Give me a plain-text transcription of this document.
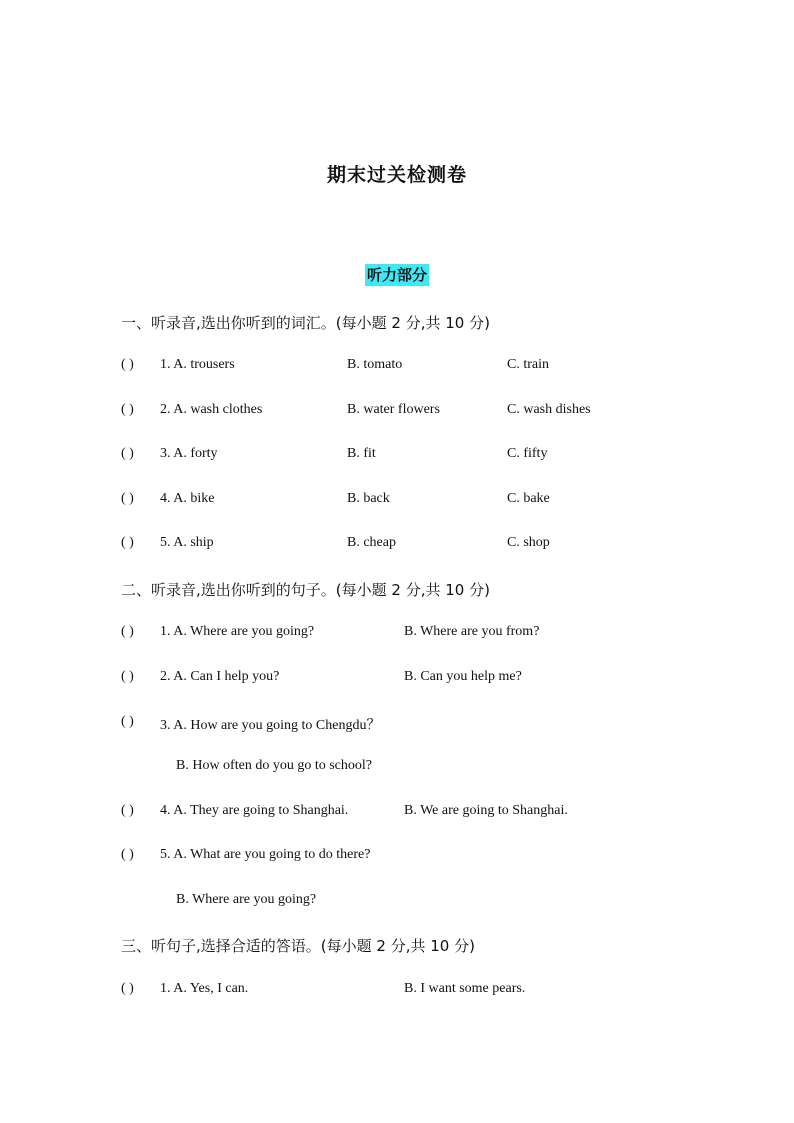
期末过关检测卷
听力部分
一、听录音,选出你听到的词汇。(每小题 2 分,共 10 分)
( ) 1. A. trousers	B. tomato	C. train
( ) 2. A. wash clothes	B. water flowers	C. wash dishes
( ) 3. A. forty	B. fit	C. fifty
( ) 4. A. bike	B. back	C. bake
( ) 5. A. ship	B. cheap	C. shop
二、听录音,选出你听到的句子。(每小题 2 分,共 10 分)
( ) 1. A. Where are you going?	B. Where are you from?
( ) 2. A. Can I help you?	B. Can you help me?
( ) 3. A. How are you going to Chengdu？
B. How often do you go to school?
( ) 4. A. They are going to Shanghai.	B. We are going to Shanghai.
( ) 5. A. What are you going to do there?
B. Where are you going?
三、听句子,选择合适的答语。(每小题 2 分,共 10 分)
( ) 1. A. Yes, I can.	B. I want some pears.
